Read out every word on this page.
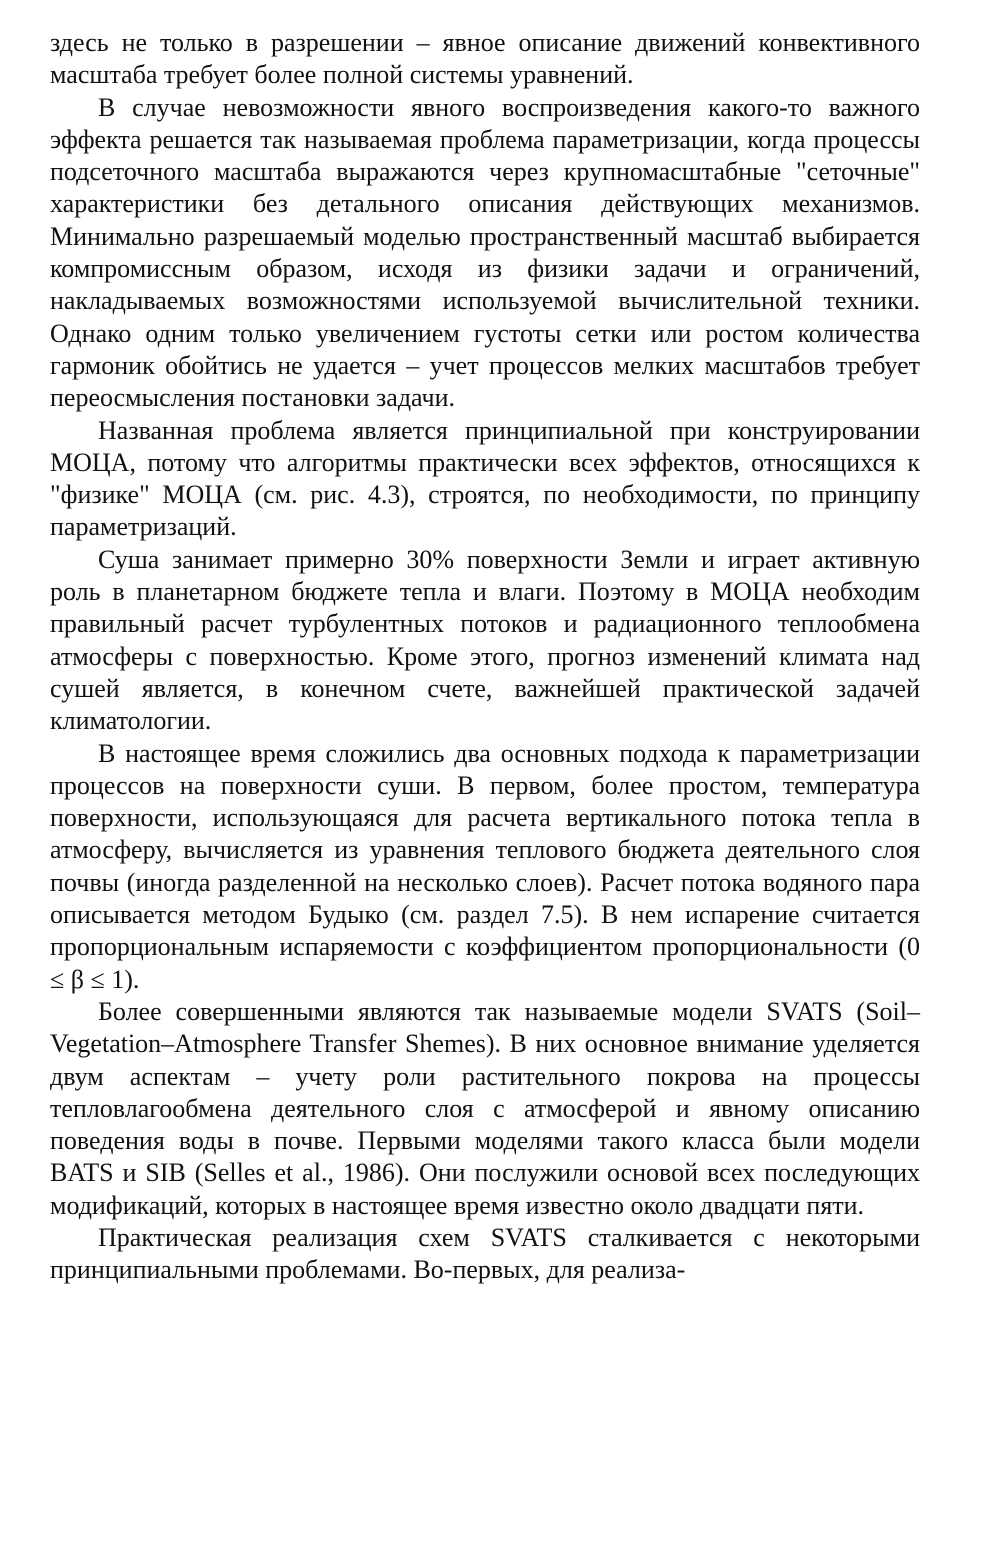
здесь не только в разрешении – явное описание движений конвективного масштаба требует более полной системы уравнений.

В случае невозможности явного воспроизведения какого-то важного эффекта решается так называемая проблема параметризации, когда процессы подсеточного масштаба выражаются через крупномасштабные "сеточные" характеристики без детального описания действующих механизмов. Минимально разрешаемый моделью пространственный масштаб выбирается компромиссным образом, исходя из физики задачи и ограничений, накладываемых возможностями используемой вычислительной техники. Однако одним только увеличением густоты сетки или ростом количества гармоник обойтись не удается – учет процессов мелких масштабов требует переосмысления постановки задачи.

Названная проблема является принципиальной при конструировании МОЦА, потому что алгоритмы практически всех эффектов, относящихся к "физике" МОЦА (см. рис. 4.3), строятся, по необходимости, по принципу параметризаций.

Суша занимает примерно 30% поверхности Земли и играет активную роль в планетарном бюджете тепла и влаги. Поэтому в МОЦА необходим правильный расчет турбулентных потоков и радиационного теплообмена атмосферы с поверхностью. Кроме этого, прогноз изменений климата над сушей является, в конечном счете, важнейшей практической задачей климатологии.

В настоящее время сложились два основных подхода к параметризации процессов на поверхности суши. В первом, более простом, температура поверхности, использующаяся для расчета вертикального потока тепла в атмосферу, вычисляется из уравнения теплового бюджета деятельного слоя почвы (иногда разделенной на несколько слоев). Расчет потока водяного пара описывается методом Будыко (см. раздел 7.5). В нем испарение считается пропорциональным испаряемости с коэффициентом пропорциональности (0 ≤ β ≤ 1).

Более совершенными являются так называемые модели SVATS (Soil–Vegetation–Atmosphere Transfer Shemes). В них основное внимание уделяется двум аспектам – учету роли растительного покрова на процессы тепловлагообмена деятельного слоя с атмосферой и явному описанию поведения воды в почве. Первыми моделями такого класса были модели BATS и SIB (Selles et al., 1986). Они послужили основой всех последующих модификаций, которых в настоящее время известно около двадцати пяти.

Практическая реализация схем SVATS сталкивается с некоторыми принципиальными проблемами. Во-первых, для реализа-
